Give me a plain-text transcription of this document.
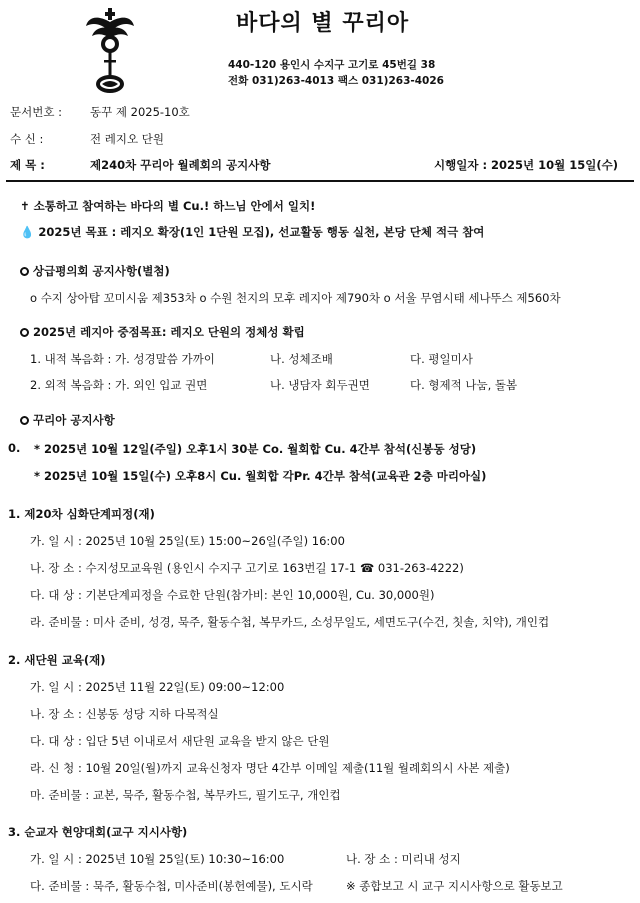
바다의 별 꾸리아
440-120 용인시 수지구 고기로 45번길 38
전화 031)263-4013 팩스 031)263-4026
문서번호 : 동꾸 제 2025-10호
수 신 :	전 레지오 단원
제 목 :	제240차 꾸리아 월례회의 공지사항	시행일자 : 2025년 10월 15일(수)
✝ 소통하고 참여하는 바다의 별 Cu.! 하느님 안에서 일치!
💧 2025년 목표 : 레지오 확장(1인 1단원 모집), 선교활동 행동 실천, 본당 단체 적극 참여
상급평의회 공지사항(별첨)
o 수지 상아탑 꼬미시움 제353차 o 수원 천지의 모후 레지아 제790차 o 서울 무염시태 세나뚜스 제560차
2025년 레지아 중점목표: 레지오 단원의 정체성 확립
1. 내적 복음화 : 가. 성경말씀 가까이	나. 성체조배	다. 평일미사
2. 외적 복음화 : 가. 외인 입교 권면	나. 냉담자 회두권면	다. 형제적 나눔, 돌봄
꾸리아 공지사항
0. * 2025년 10월 12일(주일) 오후1시 30분 Co. 월회합 Cu. 4간부 참석(신봉동 성당)
* 2025년 10월 15일(수) 오후8시 Cu. 월회합 각Pr. 4간부 참석(교육관 2층 마리아실)
1. 제20차 심화단계피정(재)
가. 일 시 : 2025년 10월 25일(토) 15:00~26일(주일) 16:00
나. 장 소 : 수지성모교육원 (용인시 수지구 고기로 163번길 17-1 ☎ 031-263-4222)
다. 대 상 : 기본단계피정을 수료한 단원(참가비: 본인 10,000원, Cu. 30,000원)
라. 준비물 : 미사 준비, 성경, 묵주, 활동수첩, 복무카드, 소성무일도, 세면도구(수건, 칫솔, 치약), 개인컵
2. 새단원 교육(재)
가. 일 시 : 2025년 11월 22일(토) 09:00~12:00
나. 장 소 : 신봉동 성당 지하 다목적실
다. 대 상 : 입단 5년 이내로서 새단원 교육을 받지 않은 단원
라. 신 청 : 10월 20일(월)까지 교육신청자 명단 4간부 이메일 제출(11월 월례회의시 사본 제출)
마. 준비물 : 교본, 묵주, 활동수첩, 복무카드, 필기도구, 개인컵
3. 순교자 현양대회(교구 지시사항)
가. 일 시 : 2025년 10월 25일(토) 10:30~16:00	나. 장 소 : 미리내 성지
다. 준비물 : 묵주, 활동수첩, 미사준비(봉헌예물), 도시락	※ 종합보고 시 교구 지시사항으로 활동보고
